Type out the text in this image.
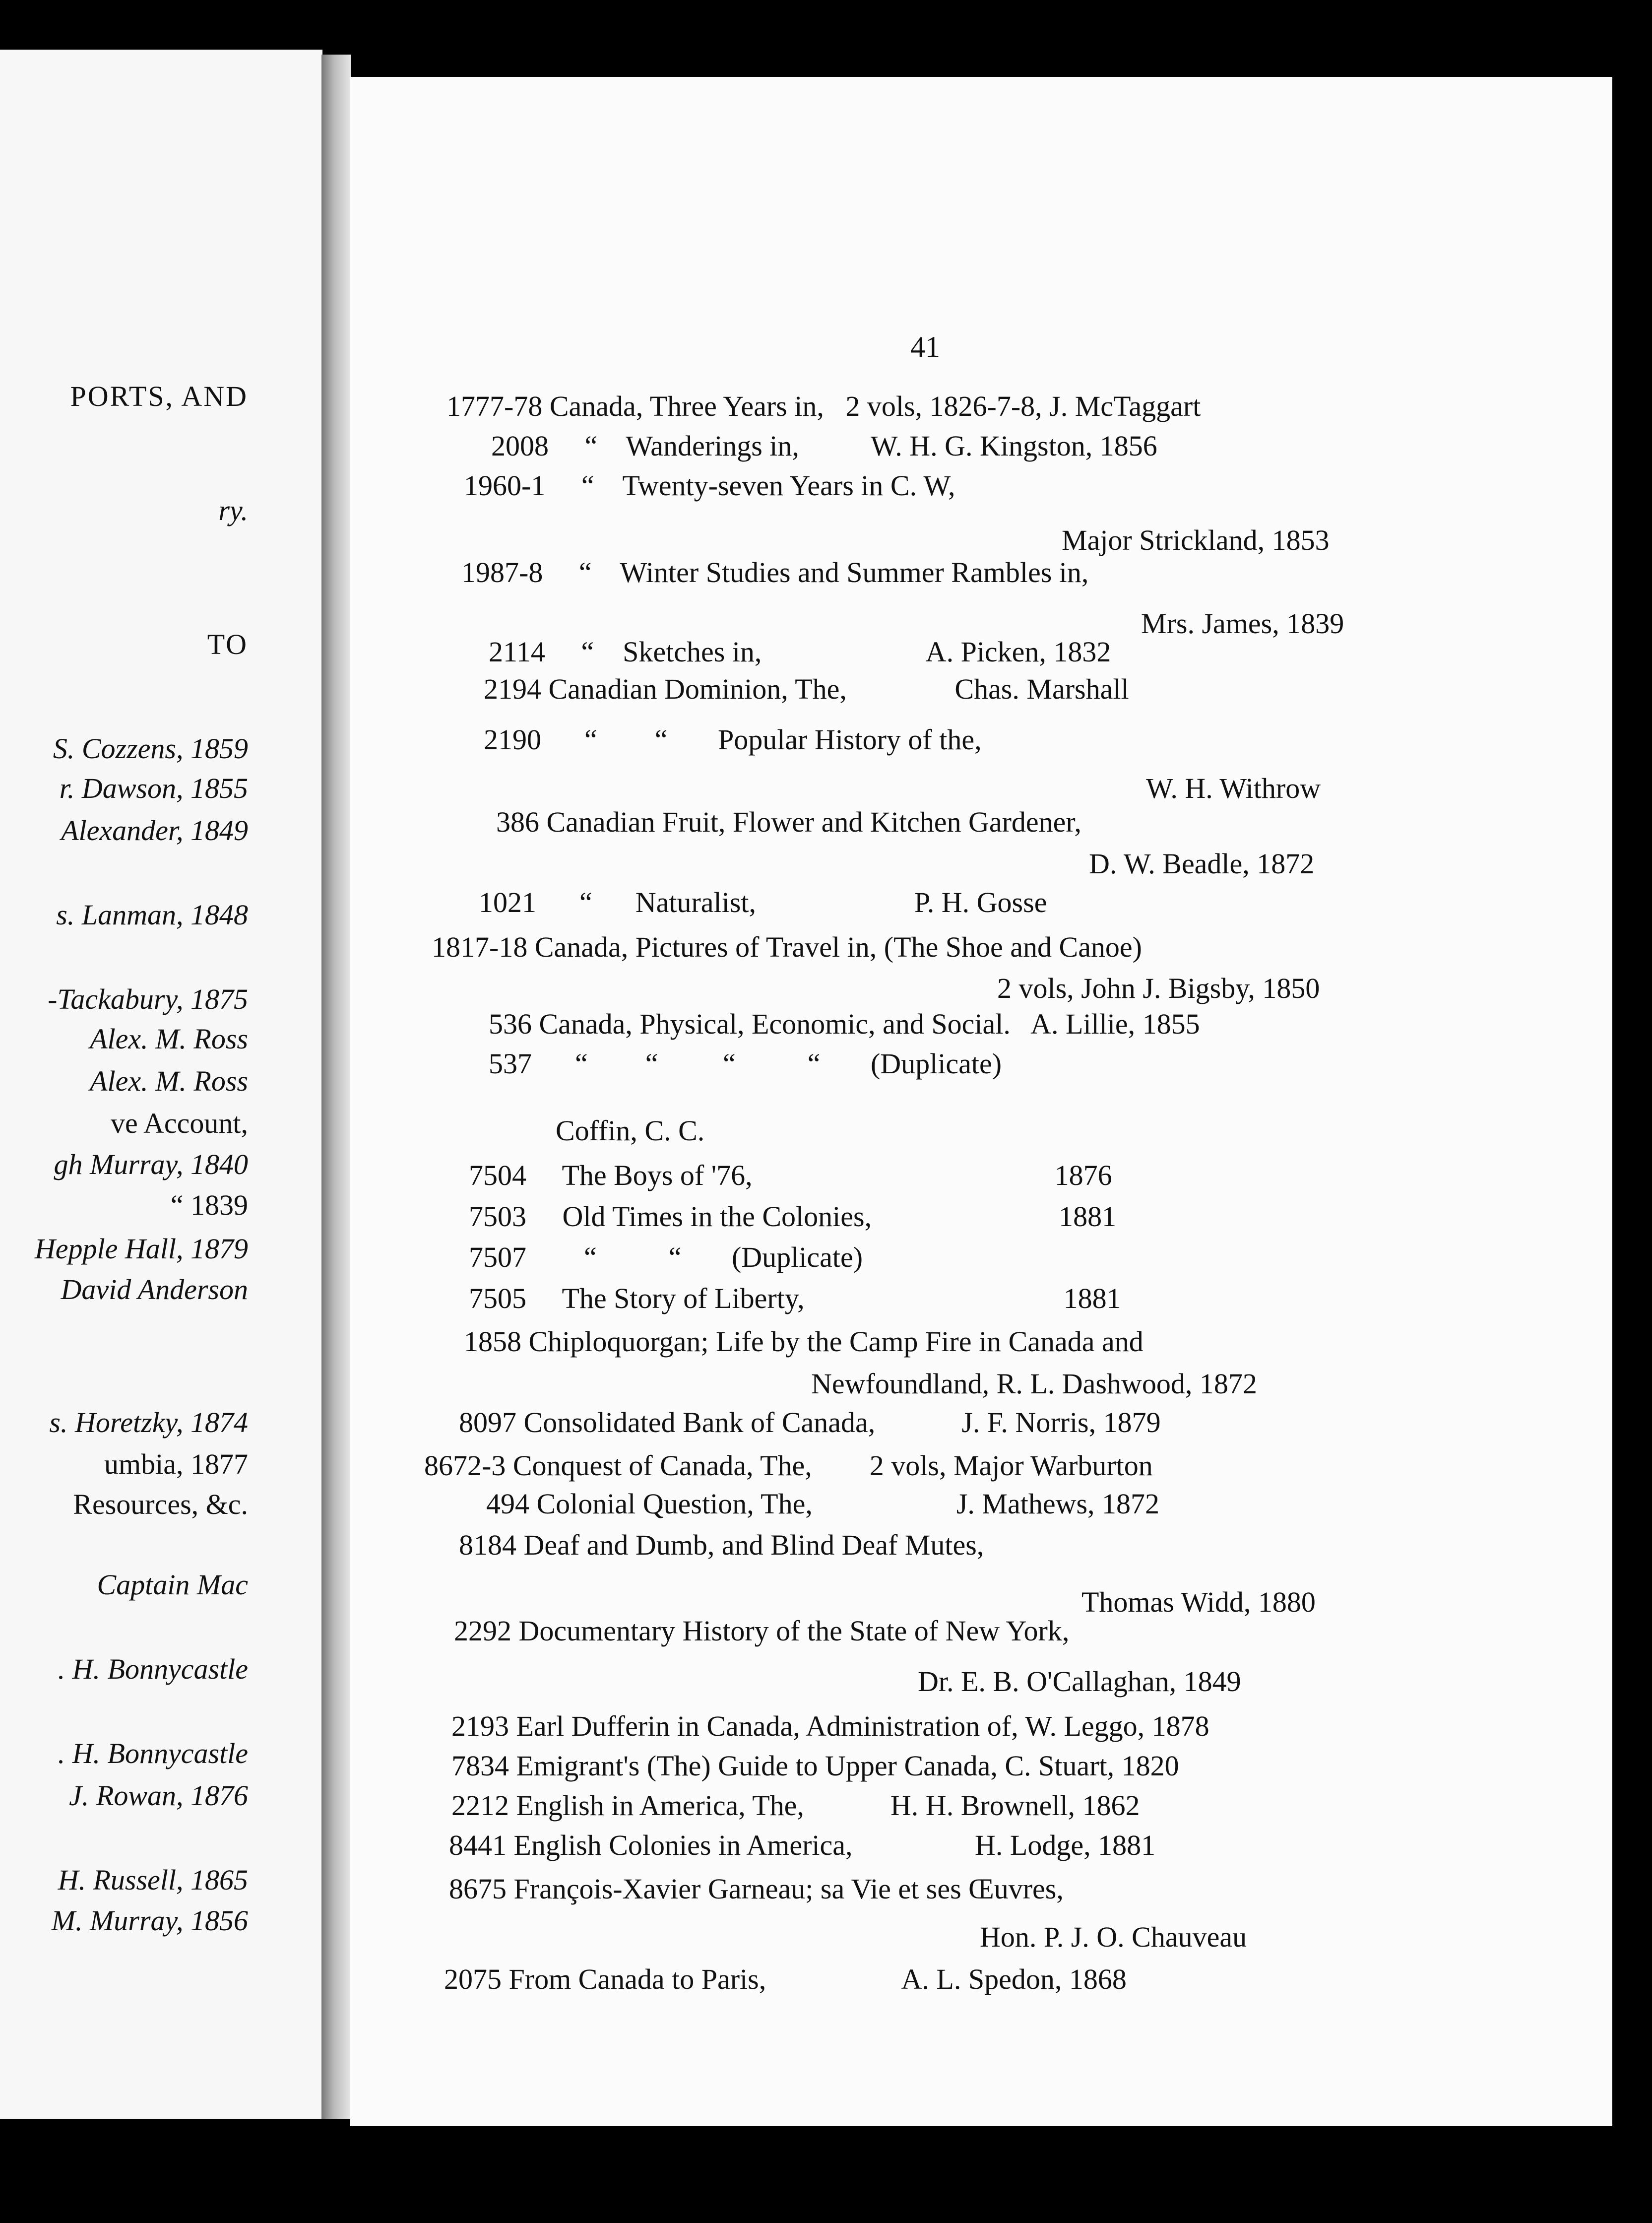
PORTS, AND
ry.
TO
S. Cozzens, 1859
r. Dawson, 1855
Alexander, 1849
s. Lanman, 1848
-Tackabury, 1875
Alex. M. Ross
Alex. M. Ross
ve Account,
gh Murray, 1840
“ 1839
Hepple Hall, 1879
David Anderson
s. Horetzky, 1874
umbia, 1877
Resources, &c.
Captain Mac
. H. Bonnycastle
. H. Bonnycastle
J. Rowan, 1876
H. Russell, 1865
M. Murray, 1856
41
1777-78 Canada, Three Years in,   2 vols, 1826-7-8, J. McTaggart
2008     “    Wanderings in,          W. H. G. Kingston, 1856
1960-1     “    Twenty-seven Years in C. W,
Major Strickland, 1853
1987-8     “    Winter Studies and Summer Rambles in,
Mrs. James, 1839
2114     “    Sketches in,                       A. Picken, 1832
2194 Canadian Dominion, The,               Chas. Marshall
2190      “        “       Popular History of the,
W. H. Withrow
386 Canadian Fruit, Flower and Kitchen Gardener,
D. W. Beadle, 1872
1021      “      Naturalist,                      P. H. Gosse
1817-18 Canada, Pictures of Travel in, (The Shoe and Canoe)
2 vols, John J. Bigsby, 1850
536 Canada, Physical, Economic, and Social.   A. Lillie, 1855
537      “        “         “          “       (Duplicate)
Coffin, C. C.
7504     The Boys of '76,                                          1876
7503     Old Times in the Colonies,                          1881
7507        “          “       (Duplicate)
7505     The Story of Liberty,                                    1881
1858 Chiploquorgan; Life by the Camp Fire in Canada and
Newfoundland, R. L. Dashwood, 1872
8097 Consolidated Bank of Canada,            J. F. Norris, 1879
8672-3 Conquest of Canada, The,        2 vols, Major Warburton
494 Colonial Question, The,                    J. Mathews, 1872
8184 Deaf and Dumb, and Blind Deaf Mutes,
Thomas Widd, 1880
2292 Documentary History of the State of New York,
Dr. E. B. O'Callaghan, 1849
2193 Earl Dufferin in Canada, Administration of, W. Leggo, 1878
7834 Emigrant's (The) Guide to Upper Canada, C. Stuart, 1820
2212 English in America, The,            H. H. Brownell, 1862
8441 English Colonies in America,                 H. Lodge, 1881
8675 François-Xavier Garneau; sa Vie et ses Œuvres,
Hon. P. J. O. Chauveau
2075 From Canada to Paris,                   A. L. Spedon, 1868
